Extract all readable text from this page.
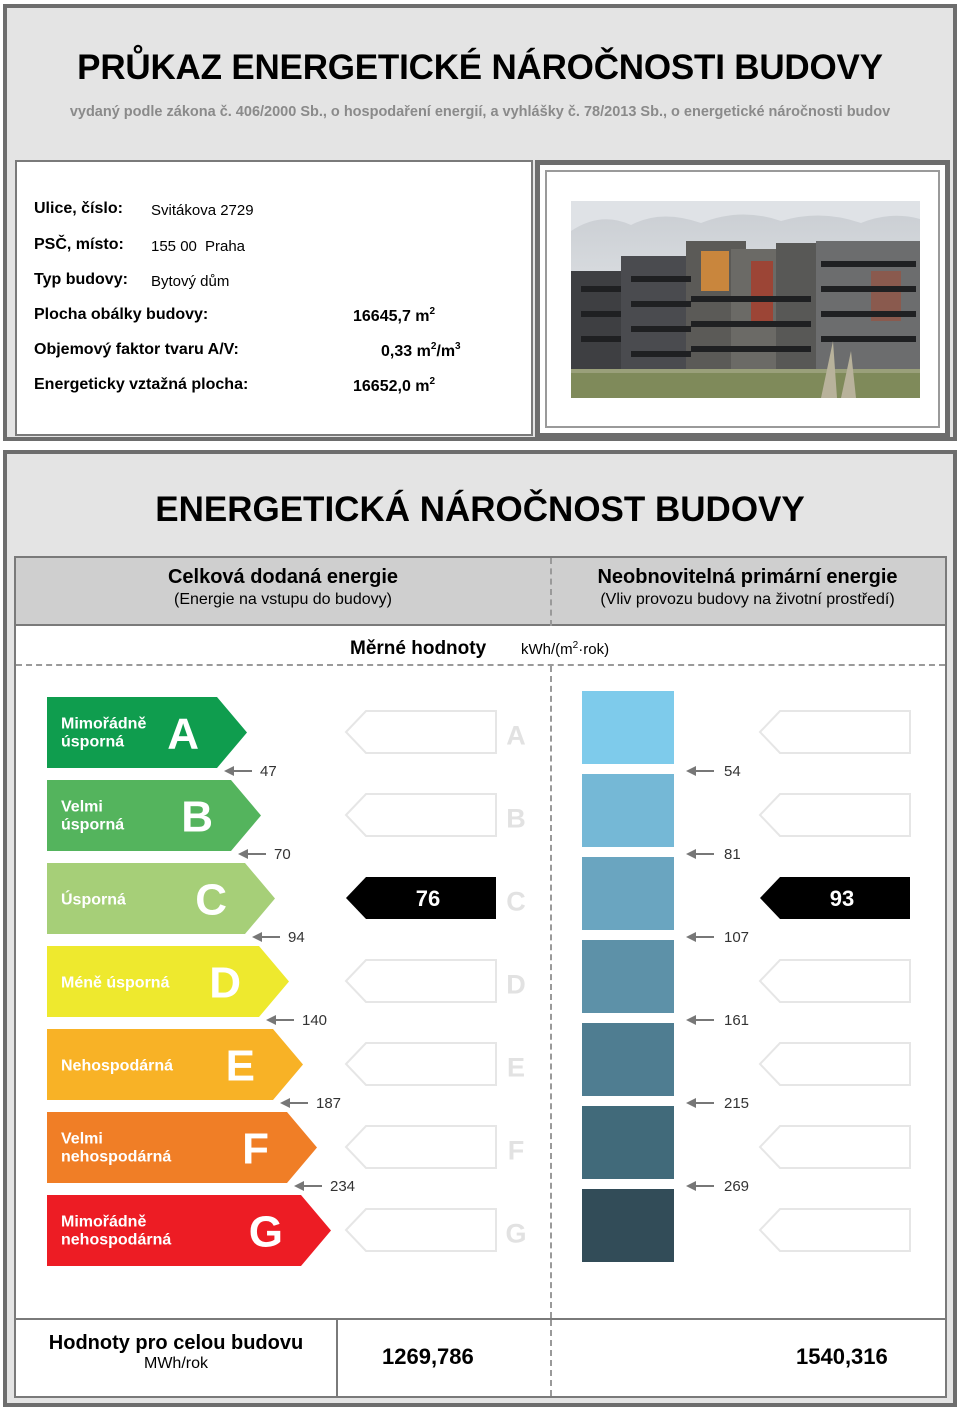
PRŮKAZ ENERGETICKÉ NÁROČNOSTI BUDOVY
vydaný podle zákona č. 406/2000 Sb., o hospodaření energií, a vyhlášky č. 78/2013 Sb., o energetické náročnosti budov
Ulice, číslo: Svitákova 2729
PSČ, místo: 155 00 Praha
Typ budovy: Bytový dům
Plocha obálky budovy:	16645,7 $m^2$
Objemový faktor tvaru A/V:	0,33 $m^2/m^3$
Energeticky vztažná plocha:	16652,0 $m^2$
ENERGETICKÁ NÁROČNOST BUDOVY
Celková dodaná energie
(Energie na vstupu do budovy)
Neobnovitelná primární energie
(Vliv provozu budovy na životní prostředí)
Měrné hodnoty kWh/$(m^2\cdot rok)$
Mimořádně
úsporná A	A
Velmi
úsporná B	B
Úsporná C	C
Méně úsporná D	D
Nehospodárná E	E
Velmi
nehospodárná F	F
Mimořádně
nehospodárná G	G
47
70
94
140
187
234
54
81
107
161
215
269
76	93
Hodnoty pro celou budovu
MWh/rok	1269,786	1540,316
